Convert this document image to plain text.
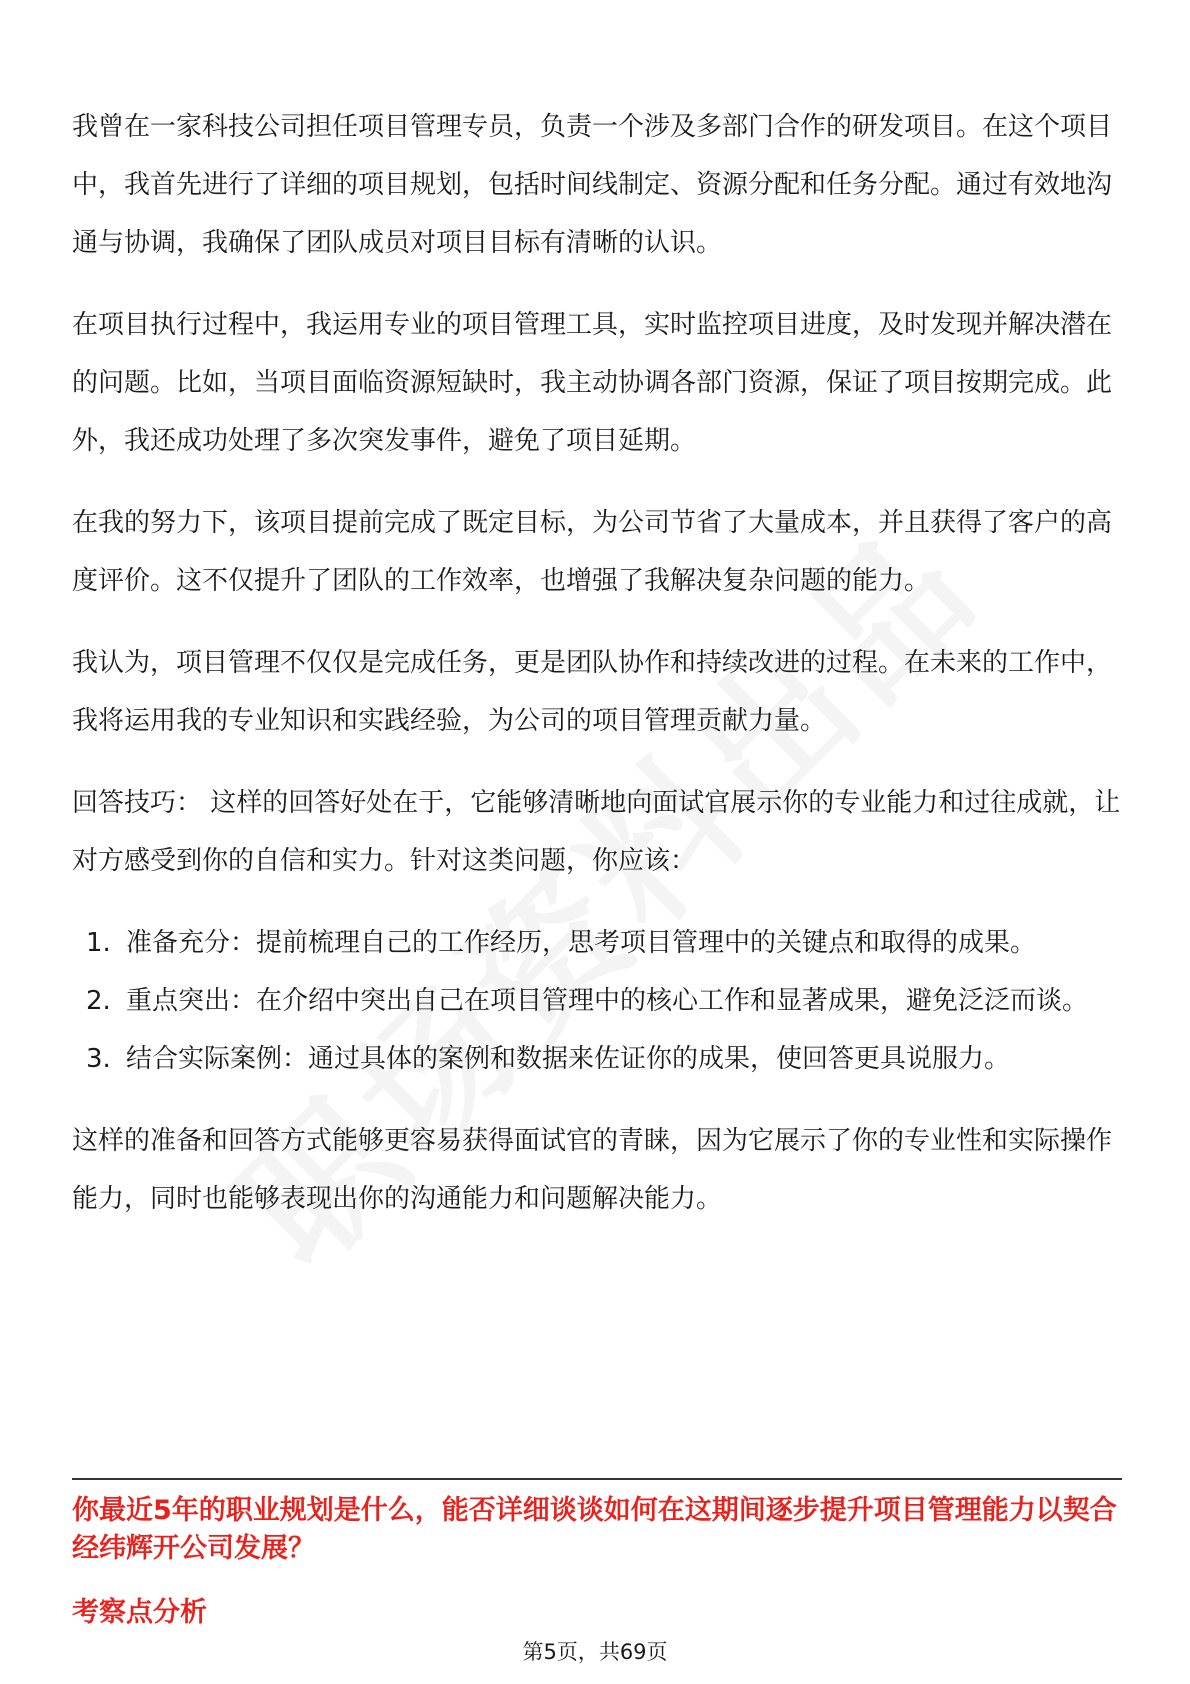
我曾在一家科技公司担任项目管理专员，负责一个涉及多部门合作的研发项目。在这个项目中，我首先进行了详细的项目规划，包括时间线制定、资源分配和任务分配。通过有效地沟通与协调，我确保了团队成员对项目目标有清晰的认识。

在项目执行过程中，我运用专业的项目管理工具，实时监控项目进度，及时发现并解决潜在的问题。比如，当项目面临资源短缺时，我主动协调各部门资源，保证了项目按期完成。此外，我还成功处理了多次突发事件，避免了项目延期。

在我的努力下，该项目提前完成了既定目标，为公司节省了大量成本，并且获得了客户的高度评价。这不仅提升了团队的工作效率，也增强了我解决复杂问题的能力。

我认为，项目管理不仅仅是完成任务，更是团队协作和持续改进的过程。在未来的工作中，我将运用我的专业知识和实践经验，为公司的项目管理贡献力量。

回答技巧： 这样的回答好处在于，它能够清晰地向面试官展示你的专业能力和过往成就，让对方感受到你的自信和实力。针对这类问题，你应该：

1. 准备充分：提前梳理自己的工作经历，思考项目管理中的关键点和取得的成果。
2. 重点突出：在介绍中突出自己在项目管理中的核心工作和显著成果，避免泛泛而谈。
3. 结合实际案例：通过具体的案例和数据来佐证你的成果，使回答更具说服力。

这样的准备和回答方式能够更容易获得面试官的青睐，因为它展示了你的专业性和实际操作能力，同时也能够表现出你的沟通能力和问题解决能力。

你最近5年的职业规划是什么，能否详细谈谈如何在这期间逐步提升项目管理能力以契合经纬辉开公司发展？
考察点分析
第5页，共69页
